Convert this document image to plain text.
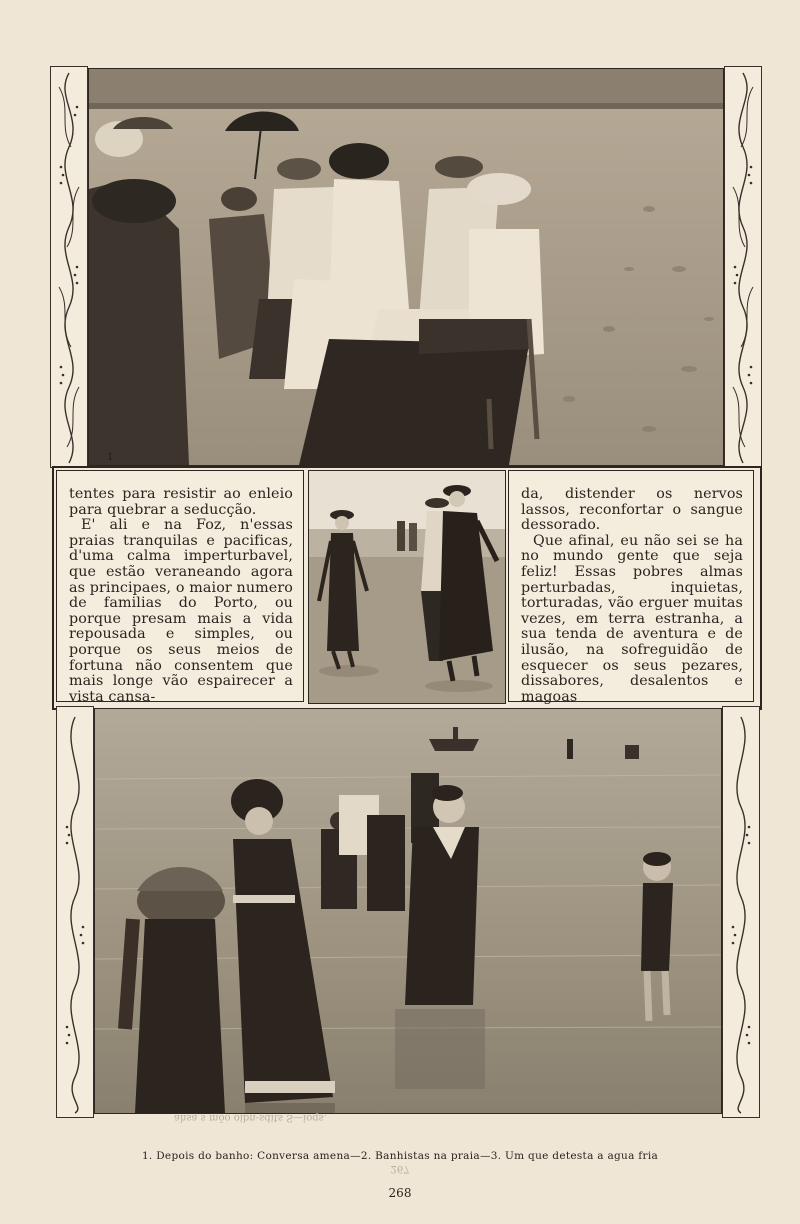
1

tentes para resistir ao enleio para quebrar a seducção.

E' ali e na Foz, n'essas praias tranquilas e pacificas, d'uma calma imperturbavel, que estão veraneando agora as principaes, o maior numero de familias do Porto, ou porque presam mais a vida repousada e simples, ou porque os seus meios de fortuna não consentem que mais longe vão espairecer a vista cansa-

da, distender os nervos lassos, reconfortar o sangue dessorado.

Que afinal, eu não sei se ha no mundo gente que seja feliz! Essas pobres almas perturbadas, inquietas, torturadas, vão erguer muitas vezes, em terra estranha, a sua tenda de aventura e de ilusão, na sofreguidão de esquecer os seus pezares, dissabores, desalentos e magoas

ahsa s mõo oibn-sdits S—ioqs.
1. Depois do banho: Conversa amena—2. Banhistas na praia—3. Um que detesta a agua fria
267
268
